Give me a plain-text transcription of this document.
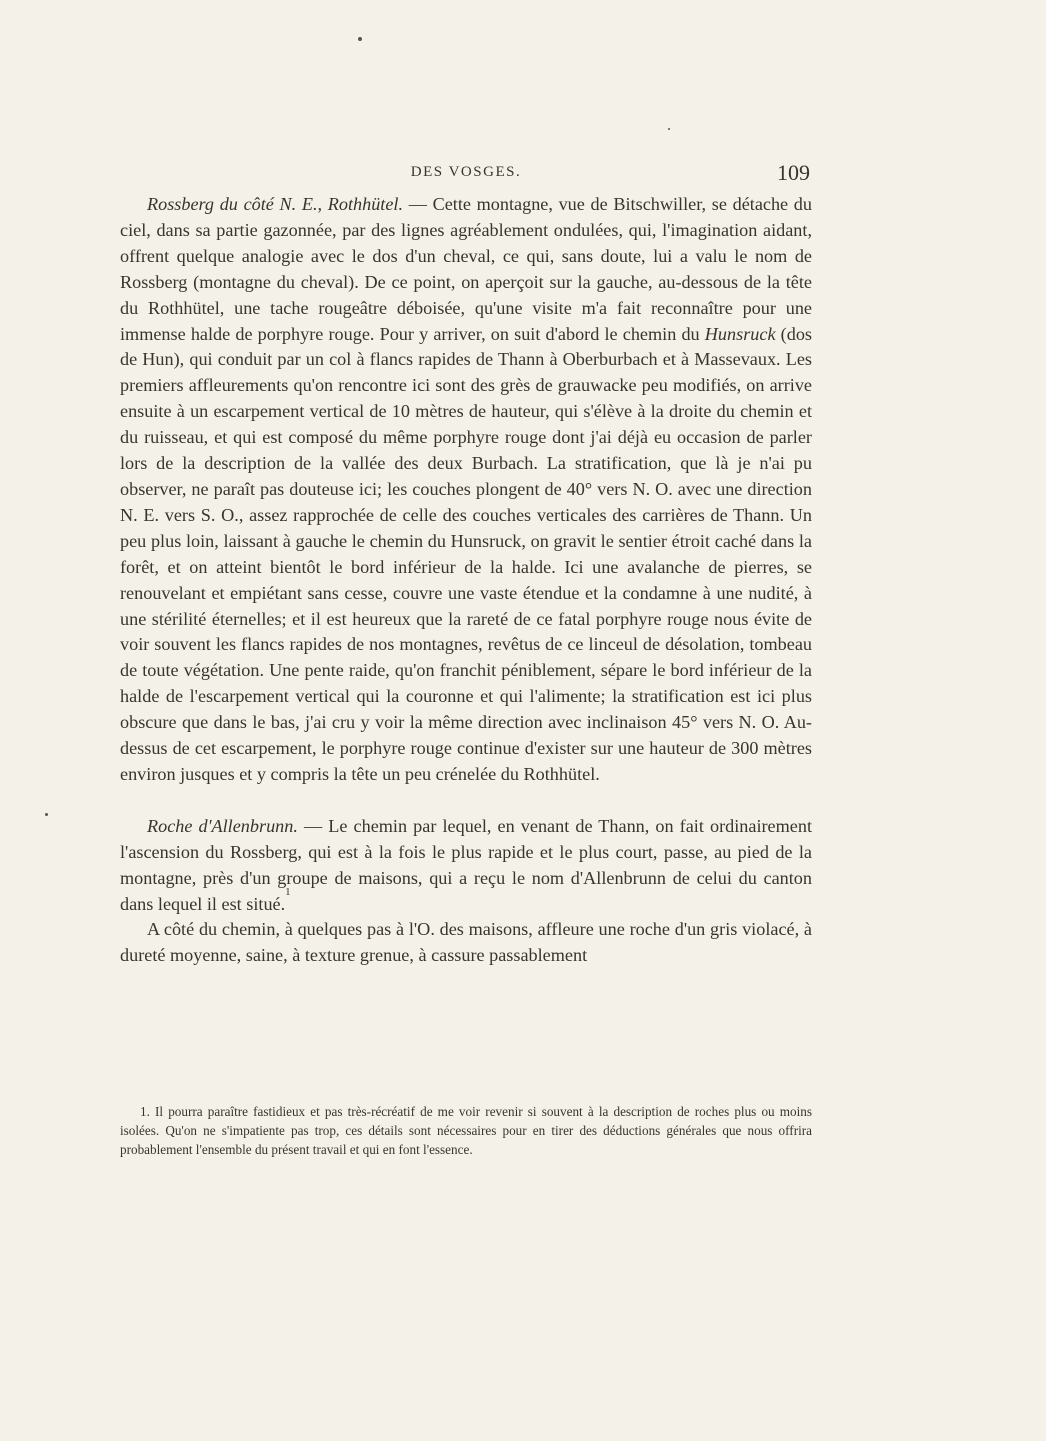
DES VOSGES.	109

Rossberg du côté N. E., Rothhütel. — Cette montagne, vue de Bitschwiller, se détache du ciel, dans sa partie gazonnée, par des lignes agréablement ondulées, qui, l'imagination aidant, offrent quelque analogie avec le dos d'un cheval, ce qui, sans doute, lui a valu le nom de Rossberg (montagne du cheval). De ce point, on aperçoit sur la gauche, au-dessous de la tête du Rothhütel, une tache rougeâtre déboisée, qu'une visite m'a fait reconnaître pour une immense halde de porphyre rouge. Pour y arriver, on suit d'abord le chemin du Hunsruck (dos de Hun), qui conduit par un col à flancs rapides de Thann à Oberburbach et à Massevaux. Les premiers affleurements qu'on rencontre ici sont des grès de grauwacke peu modifiés, on arrive ensuite à un escarpement vertical de 10 mètres de hauteur, qui s'élève à la droite du chemin et du ruisseau, et qui est composé du même porphyre rouge dont j'ai déjà eu occasion de parler lors de la description de la vallée des deux Burbach. La stratification, que là je n'ai pu observer, ne paraît pas douteuse ici; les couches plongent de 40° vers N. O. avec une direction N. E. vers S. O., assez rapprochée de celle des couches verticales des carrières de Thann. Un peu plus loin, laissant à gauche le chemin du Hunsruck, on gravit le sentier étroit caché dans la forêt, et on atteint bientôt le bord inférieur de la halde. Ici une avalanche de pierres, se renouvelant et empiétant sans cesse, couvre une vaste étendue et la condamne à une nudité, à une stérilité éternelles; et il est heureux que la rareté de ce fatal porphyre rouge nous évite de voir souvent les flancs rapides de nos montagnes, revêtus de ce linceul de désolation, tombeau de toute végétation. Une pente raide, qu'on franchit péniblement, sépare le bord inférieur de la halde de l'escarpement vertical qui la couronne et qui l'alimente; la stratification est ici plus obscure que dans le bas, j'ai cru y voir la même direction avec inclinaison 45° vers N. O. Au-dessus de cet escarpement, le porphyre rouge continue d'exister sur une hauteur de 300 mètres environ jusques et y compris la tête un peu crénelée du Rothhütel.

Roche d'Allenbrunn. — Le chemin par lequel, en venant de Thann, on fait ordinairement l'ascension du Rossberg, qui est à la fois le plus rapide et le plus court, passe, au pied de la montagne, près d'un groupe de maisons, qui a reçu le nom d'Allenbrunn de celui du canton dans lequel il est situé.$^1$

A côté du chemin, à quelques pas à l'O. des maisons, affleure une roche d'un gris violacé, à dureté moyenne, saine, à texture grenue, à cassure passablement

1. Il pourra paraître fastidieux et pas très-récréatif de me voir revenir si souvent à la description de roches plus ou moins isolées. Qu'on ne s'impatiente pas trop, ces détails sont nécessaires pour en tirer des déductions générales que nous offrira probablement l'ensemble du présent travail et qui en font l'essence.
